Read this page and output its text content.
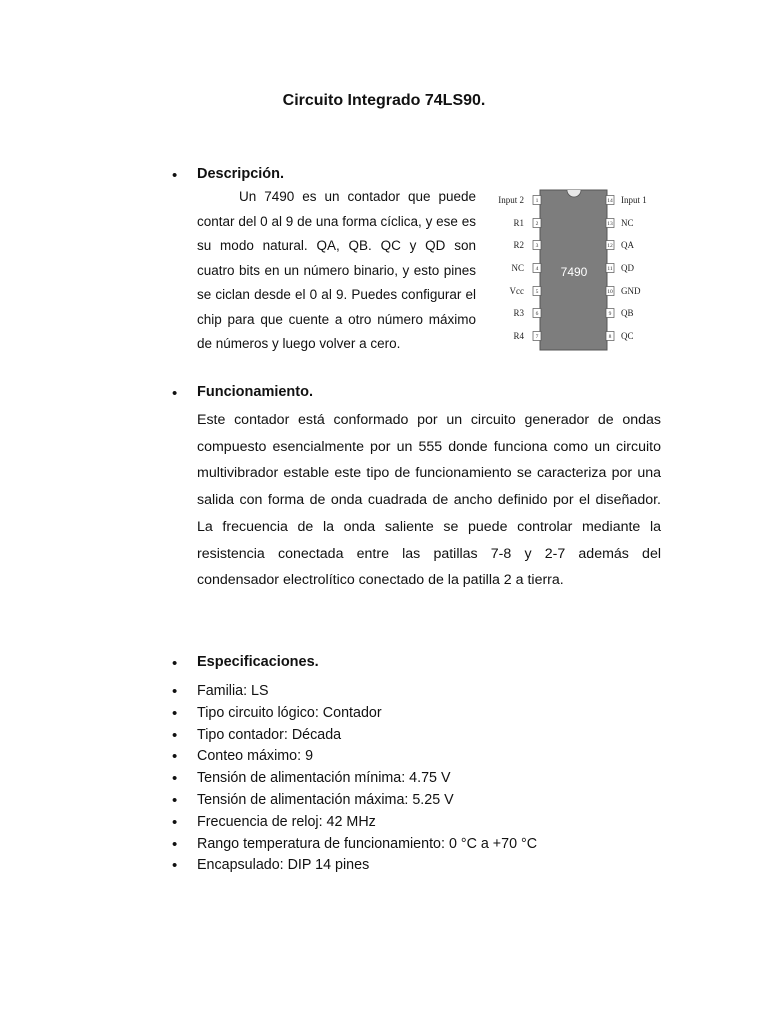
Circuito Integrado 74LS90.
• Descripción.

Un 7490 es un contador que puede contar del 0 al 9 de una forma cíclica, y ese es su modo natural. QA, QB. QC y QD son cuatro bits en un número binario, y esto pines se ciclan desde el 0 al 9. Puedes configurar el chip para que cuente a otro número máximo de números y luego volver a cero.

7490
1
Input 2
2
R1
3
R2
4
NC
5
Vcc
6
R3
7
R4
14 Input 1
13 NC
12 QA
11 QD
10 GND
9 QB
8 QC
• Funcionamiento.

Este contador está conformado por un circuito generador de ondas compuesto esencialmente por un 555 donde funciona como un circuito multivibrador estable este tipo de funcionamiento se caracteriza por una salida con forma de onda cuadrada de ancho definido por el diseñador. La frecuencia de la onda saliente se puede controlar mediante la resistencia conectada entre las patillas 7-8 y 2-7 además del condensador electrolítico conectado de la patilla 2 a tierra.

• Especificaciones.
• Familia: LS
• Tipo circuito lógico: Contador
• Tipo contador: Década
• Conteo máximo: 9
• Tensión de alimentación mínima: 4.75 V
• Tensión de alimentación máxima: 5.25 V
• Frecuencia de reloj: 42 MHz
• Rango temperatura de funcionamiento: 0 °C a +70 °C
• Encapsulado: DIP 14 pines
